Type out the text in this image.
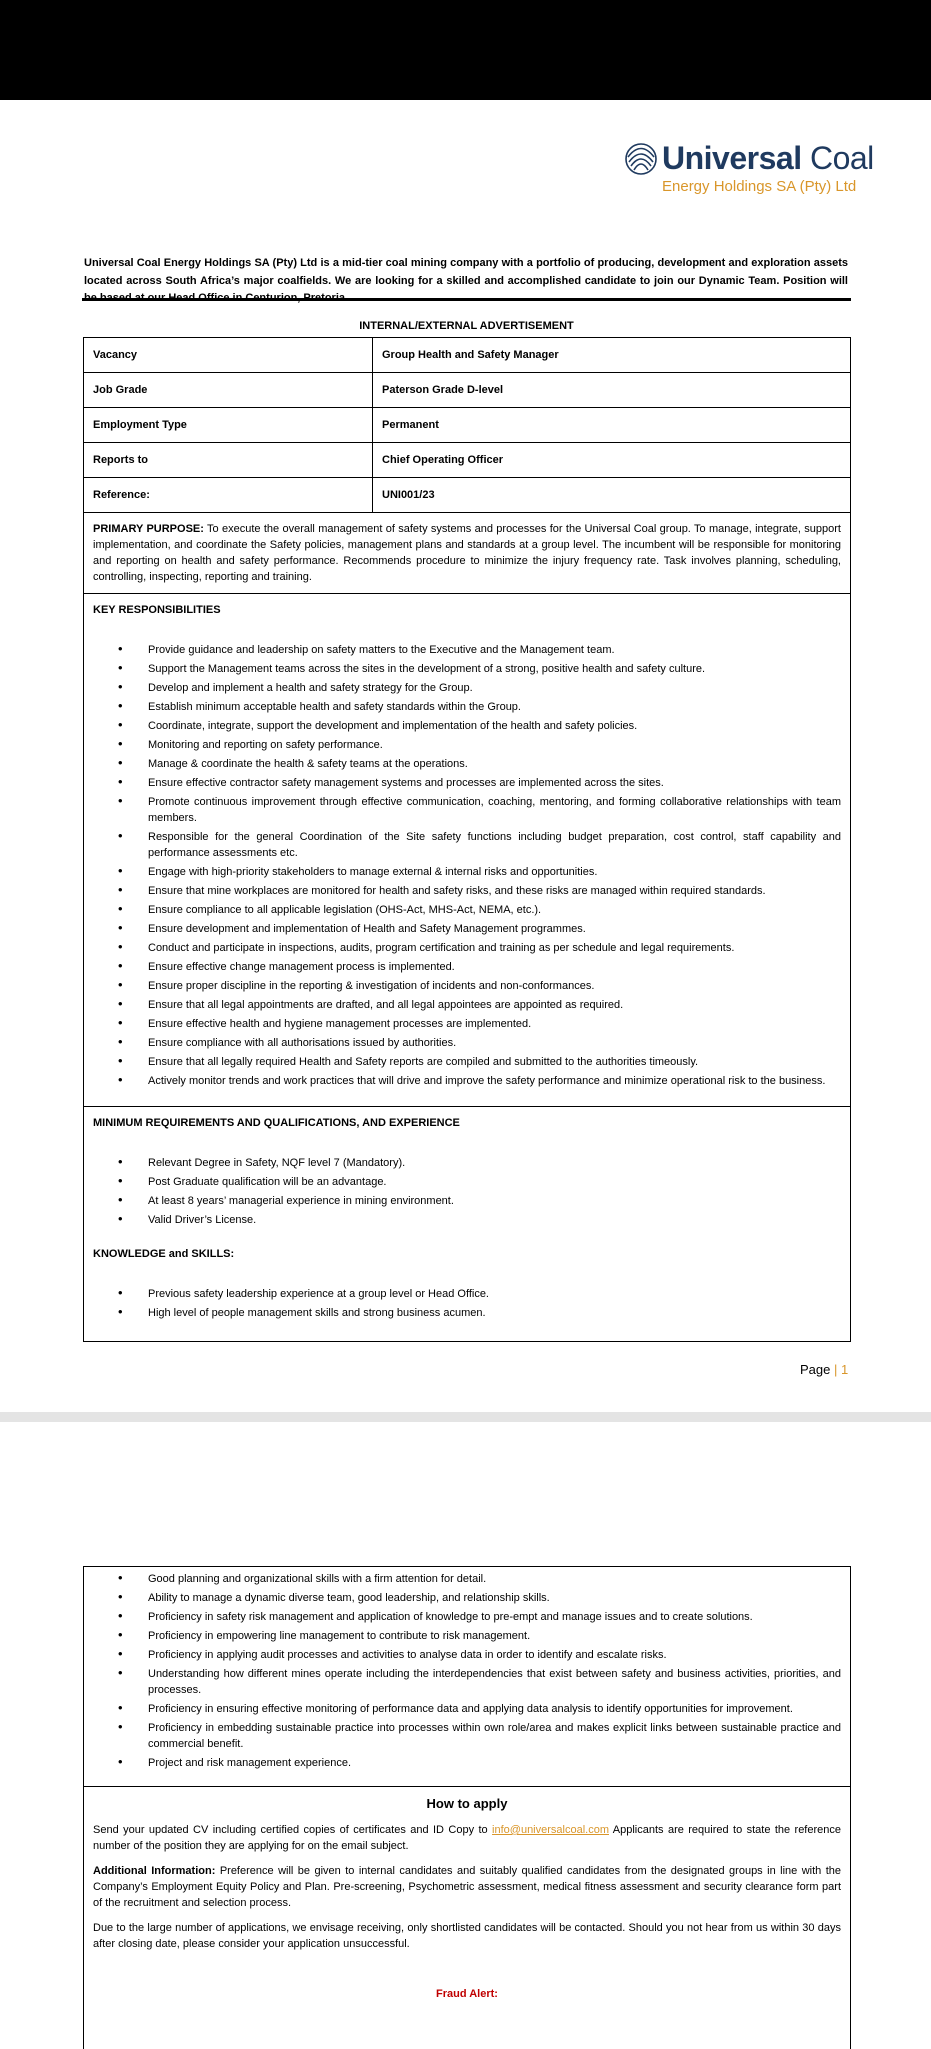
Universal Coal
Energy Holdings SA (Pty) Ltd

Universal Coal Energy Holdings SA (Pty) Ltd is a mid-tier coal mining company with a portfolio of producing, development and exploration assets located across South Africa’s major coalfields. We are looking for a skilled and accomplished candidate to join our Dynamic Team. Position will

INTERNAL/EXTERNAL ADVERTISEMENT
Vacancy	Group Health and Safety Manager
Job Grade	Paterson Grade D-level
Employment Type	Permanent
Reports to	Chief Operating Officer
Reference:	UNI001/23

PRIMARY PURPOSE: To execute the overall management of safety systems and processes for the Universal Coal group. To manage, integrate, support implementation, and coordinate the Safety policies, management plans and standards at a group level. The incumbent will be responsible for monitoring and reporting on health and safety performance. Recommends procedure to minimize the injury frequency rate. Task involves planning, scheduling, controlling, inspecting, reporting and training.

KEY RESPONSIBILITIES

• Provide guidance and leadership on safety matters to the Executive and the Management team.
• Support the Management teams across the sites in the development of a strong, positive health and safety culture.
• Develop and implement a health and safety strategy for the Group.
• Establish minimum acceptable health and safety standards within the Group.
• Coordinate, integrate, support the development and implementation of the health and safety policies.
• Monitoring and reporting on safety performance.
• Manage & coordinate the health & safety teams at the operations.
• Ensure effective contractor safety management systems and processes are implemented across the sites.
• Promote continuous improvement through effective communication, coaching, mentoring, and forming collaborative relationships with team members.
• Responsible for the general Coordination of the Site safety functions including budget preparation, cost control, staff capability and performance assessments etc.
• Engage with high-priority stakeholders to manage external & internal risks and opportunities.
• Ensure that mine workplaces are monitored for health and safety risks, and these risks are managed within required standards.
• Ensure compliance to all applicable legislation (OHS-Act, MHS-Act, NEMA, etc.).
• Ensure development and implementation of Health and Safety Management programmes.
• Conduct and participate in inspections, audits, program certification and training as per schedule and legal requirements.
• Ensure effective change management process is implemented.
• Ensure proper discipline in the reporting & investigation of incidents and non-conformances.
• Ensure that all legal appointments are drafted, and all legal appointees are appointed as required.
• Ensure effective health and hygiene management processes are implemented.
• Ensure compliance with all authorisations issued by authorities.
• Ensure that all legally required Health and Safety reports are compiled and submitted to the authorities timeously.
• Actively monitor trends and work practices that will drive and improve the safety performance and minimize operational risk to the business.

MINIMUM REQUIREMENTS AND QUALIFICATIONS, AND EXPERIENCE

• Relevant Degree in Safety, NQF level 7 (Mandatory).
• Post Graduate qualification will be an advantage.
• At least 8 years’ managerial experience in mining environment.
• Valid Driver’s License.

KNOWLEDGE and SKILLS:

• Previous safety leadership experience at a group level or Head Office.
• High level of people management skills and strong business acumen.
Page | 1
• Good planning and organizational skills with a firm attention for detail.
• Ability to manage a dynamic diverse team, good leadership, and relationship skills.
• Proficiency in safety risk management and application of knowledge to pre-empt and manage issues and to create solutions.
• Proficiency in empowering line management to contribute to risk management.
• Proficiency in applying audit processes and activities to analyse data in order to identify and escalate risks.
• Understanding how different mines operate including the interdependencies that exist between safety and business activities, priorities, and processes.
• Proficiency in ensuring effective monitoring of performance data and applying data analysis to identify opportunities for improvement.
• Proficiency in embedding sustainable practice into processes within own role/area and makes explicit links between sustainable practice and commercial benefit.
• Project and risk management experience.

How to apply

Send your updated CV including certified copies of certificates and ID Copy to info@universalcoal.com Applicants are required to state the reference number of the position they are applying for on the email subject.

Additional Information: Preference will be given to internal candidates and suitably qualified candidates from the designated groups in line with the Company’s Employment Equity Policy and Plan. Pre-screening, Psychometric assessment, medical fitness assessment and security clearance form part of the recruitment and selection process.

Due to the large number of applications, we envisage receiving, only shortlisted candidates will be contacted. Should you not hear from us within 30 days after closing date, please consider your application unsuccessful.

Fraud Alert:
